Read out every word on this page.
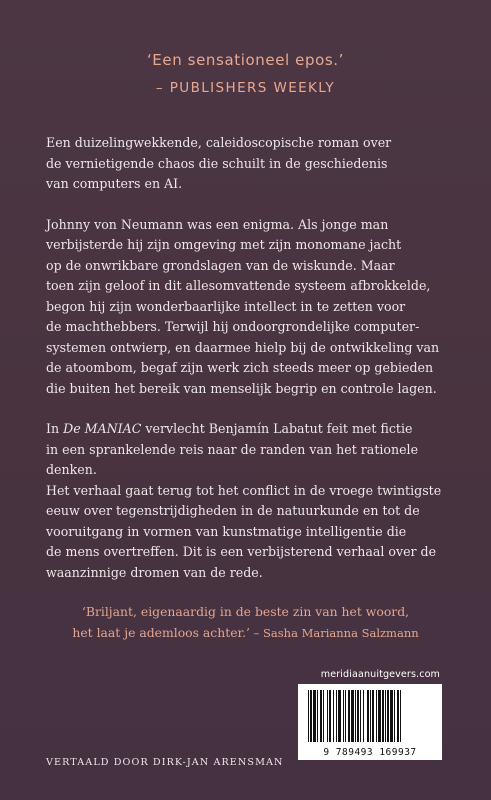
‘Een sensationeel epos.’
– PUBLISHERS WEEKLY

Een duizelingwekkende, caleidoscopische roman over
de vernietigende chaos die schuilt in de geschiedenis
van computers en AI.

Johnny von Neumann was een enigma. Als jonge man
verbijsterde hij zijn omgeving met zijn monomane jacht
op de onwrikbare grondslagen van de wiskunde. Maar
toen zijn geloof in dit allesomvattende systeem afbrokkelde,
begon hij zijn wonderbaarlijke intellect in te zetten voor
de machthebbers. Terwijl hij ondoorgrondelijke computer-
systemen ontwierp, en daarmee hielp bij de ontwikkeling van
de atoombom, begaf zijn werk zich steeds meer op gebieden
die buiten het bereik van menselijk begrip en controle lagen.

In De MANIAC vervlecht Benjamín Labatut feit met fictie
in een sprankelende reis naar de randen van het rationele
denken.

Het verhaal gaat terug tot het conflict in de vroege twintigste
eeuw over tegenstrijdigheden in de natuurkunde en tot de
vooruitgang in vormen van kunstmatige intelligentie die
de mens overtreffen. Dit is een verbijsterend verhaal over de
waanzinnige dromen van de rede.

‘Briljant, eigenaardig in de beste zin van het woord,
het laat je ademloos achter.’ – Sasha Marianna Salzmann
meridiaanuitgevers.com
9 789493 169937
VERTAALD DOOR DIRK-JAN ARENSMAN
